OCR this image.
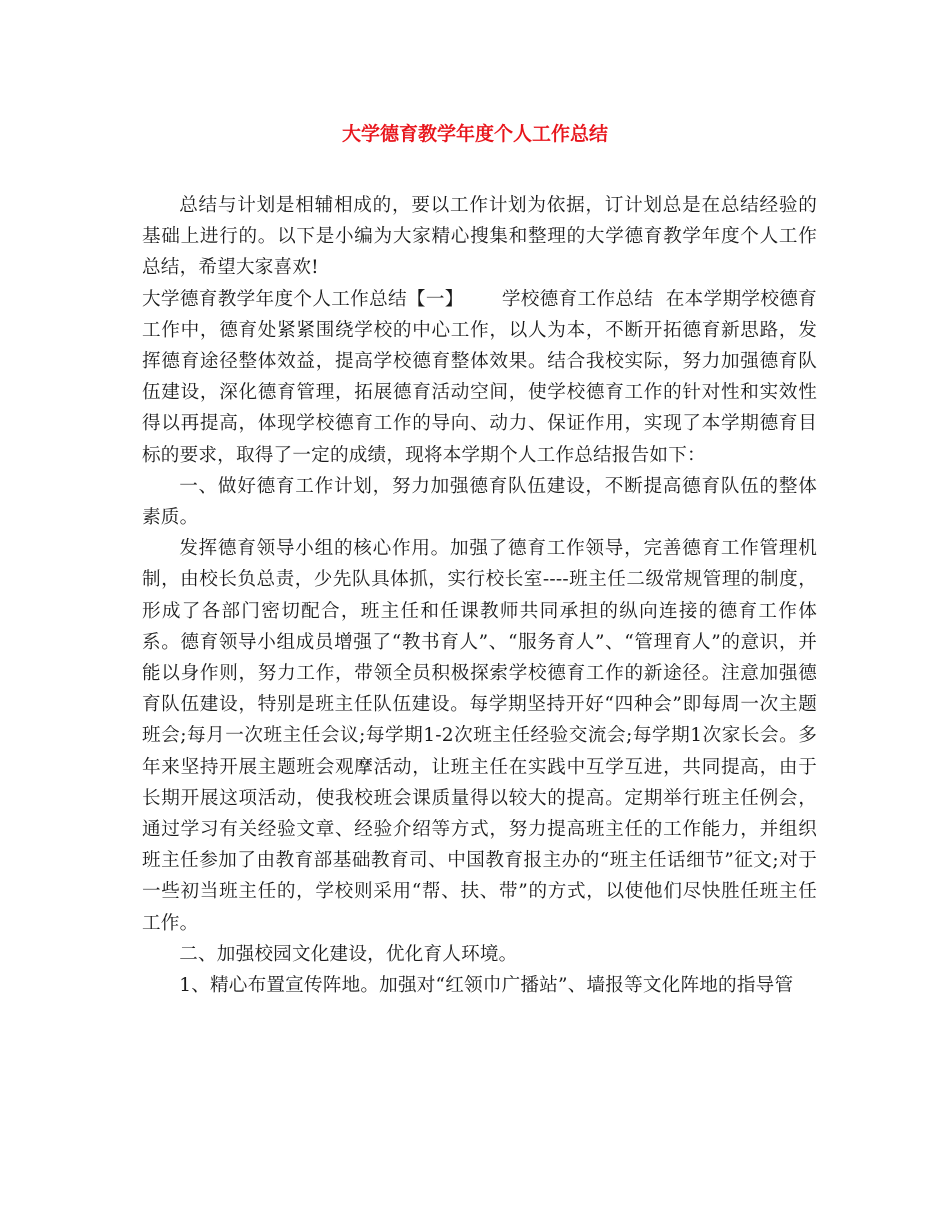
大学德育教学年度个人工作总结

总结与计划是相辅相成的，要以工作计划为依据，订计划总是在总结经验的基础上进行的。以下是小编为大家精心搜集和整理的大学德育教学年度个人工作总结，希望大家喜欢!

大学德育教学年度个人工作总结【一】 学校德育工作总结 在本学期学校德育工作中，德育处紧紧围绕学校的中心工作，以人为本，不断开拓德育新思路，发挥德育途径整体效益，提高学校德育整体效果。结合我校实际，努力加强德育队伍建设，深化德育管理，拓展德育活动空间，使学校德育工作的针对性和实效性得以再提高，体现学校德育工作的导向、动力、保证作用，实现了本学期德育目标的要求，取得了一定的成绩，现将本学期个人工作总结报告如下：

一、做好德育工作计划，努力加强德育队伍建设，不断提高德育队伍的整体素质。

发挥德育领导小组的核心作用。加强了德育工作领导，完善德育工作管理机制，由校长负总责，少先队具体抓，实行校长室----班主任二级常规管理的制度，形成了各部门密切配合，班主任和任课教师共同承担的纵向连接的德育工作体系。德育领导小组成员增强了“教书育人”、“服务育人”、“管理育人”的意识，并能以身作则，努力工作，带领全员积极探索学校德育工作的新途径。注意加强德育队伍建设，特别是班主任队伍建设。每学期坚持开好“四种会”即每周一次主题班会;每月一次班主任会议;每学期1-2次班主任经验交流会;每学期1次家长会。多年来坚持开展主题班会观摩活动，让班主任在实践中互学互进，共同提高，由于长期开展这项活动，使我校班会课质量得以较大的提高。定期举行班主任例会，通过学习有关经验文章、经验介绍等方式，努力提高班主任的工作能力，并组织班主任参加了由教育部基础教育司、中国教育报主办的“班主任话细节”征文;对于一些初当班主任的，学校则采用“帮、扶、带”的方式，以使他们尽快胜任班主任工作。

二、加强校园文化建设，优化育人环境。

1、精心布置宣传阵地。加强对“红领巾广播站”、墙报等文化阵地的指导管
